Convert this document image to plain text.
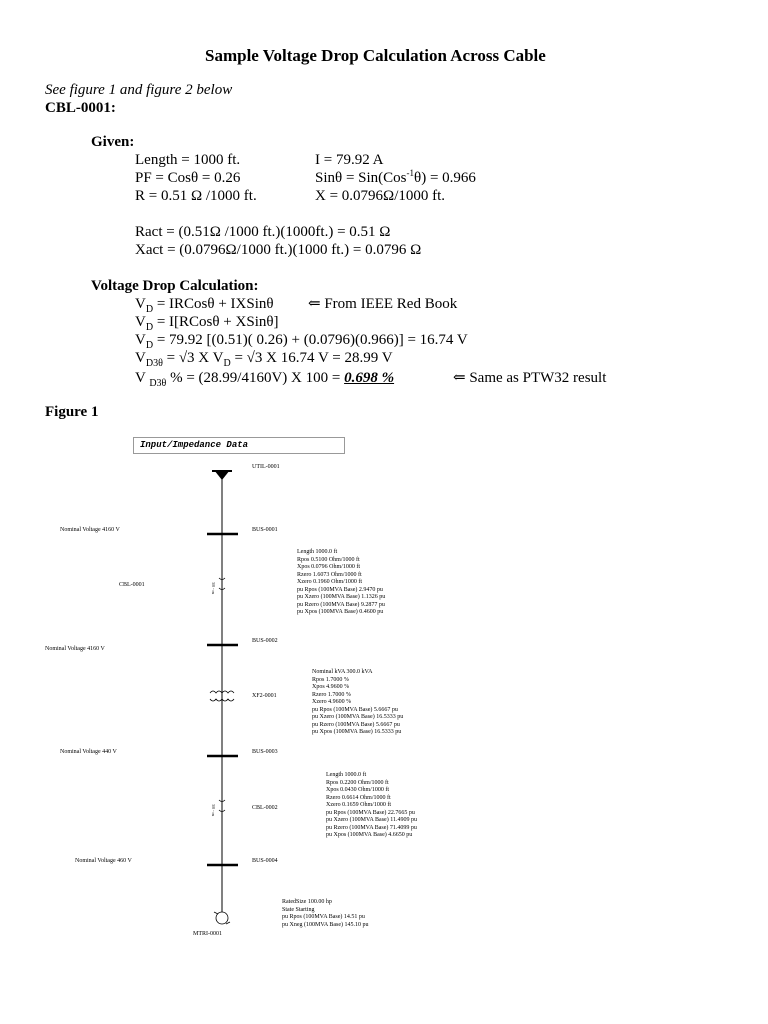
Sample Voltage Drop Calculation Across Cable
See figure 1 and figure 2 below
CBL-0001:
Given:
Length = 1000 ft.	I = 79.92 A
PF = Cosθ = 0.26	Sinθ = Sin(Cos$^{-1}$θ) = 0.966
R = 0.51 Ω /1000 ft.	X = 0.0796Ω/1000 ft.
Ract = (0.51Ω /1000 ft.)(1000ft.) = 0.51 Ω
Xact = (0.0796Ω/1000 ft.)(1000 ft.) = 0.0796 Ω
Voltage Drop Calculation:
$V_D$ = IRCosθ + IXSinθ ⇐ From IEEE Red Book
$V_D$ = I[RCosθ + XSinθ]
$V_D = 79.92$ [(0.51)( 0.26) + (0.0796)(0.966)] = 16.74 V
$V_{D3\theta} = √3$ X $V_D = √3$ X 16.74 V = 28.99 V
V $_{D3\theta}$ % = (28.99/4160V) X 100 = 0.698 %	⇐ Same as PTW32 result
Figure 1
Input/Impedance Data
UTIL-0001
BUS-0001
Nominal Voltage 4160 V
CBL-0001	3/0 - cu
Length 1000.0 ft
Rpos 0.5100 Ohm/1000 ft
Xpos 0.0796 Ohm/1000 ft
Rzero 1.6073 Ohm/1000 ft
Xzero 0.1960 Ohm/1000 ft
pu Rpos (100MVA Base) 2.9470 pu
pu Xzero (100MVA Base) 1.1326 pu
pu Rzero (100MVA Base) 9.2877 pu
pu Xpos (100MVA Base) 0.4600 pu
BUS-0002
Nominal Voltage 4160 V
XF2-0001
Nominal kVA 300.0 kVA
Rpos 1.7000 %
Xpos 4.9600 %
Rzero 1.7000 %
Xzero 4.9600 %
pu Rpos (100MVA Base) 5.6667 pu
pu Xzero (100MVA Base) 16.5333 pu
pu Rzero (100MVA Base) 5.6667 pu
pu Xpos (100MVA Base) 16.5333 pu
BUS-0003
Nominal Voltage 440 V
CBL-0002
3/0 - cu
Length 1000.0 ft
Rpos 0.2200 Ohm/1000 ft
Xpos 0.0430 Ohm/1000 ft
Rzero 0.6614 Ohm/1000 ft
Xzero 0.1659 Ohm/1000 ft
pu Rpos (100MVA Base) 22.7665 pu
pu Xzero (100MVA Base) 11.4909 pu
pu Rzero (100MVA Base) 71.4099 pu
pu Xpos (100MVA Base) 4.6650 pu
BUS-0004
Nominal Voltage 460 V
RatedSize 100.00 hp
State Starting
pu Rpos (100MVA Base) 14.51 pu
pu Xneg (100MVA Base) 145.10 pu
MTRI-0001
